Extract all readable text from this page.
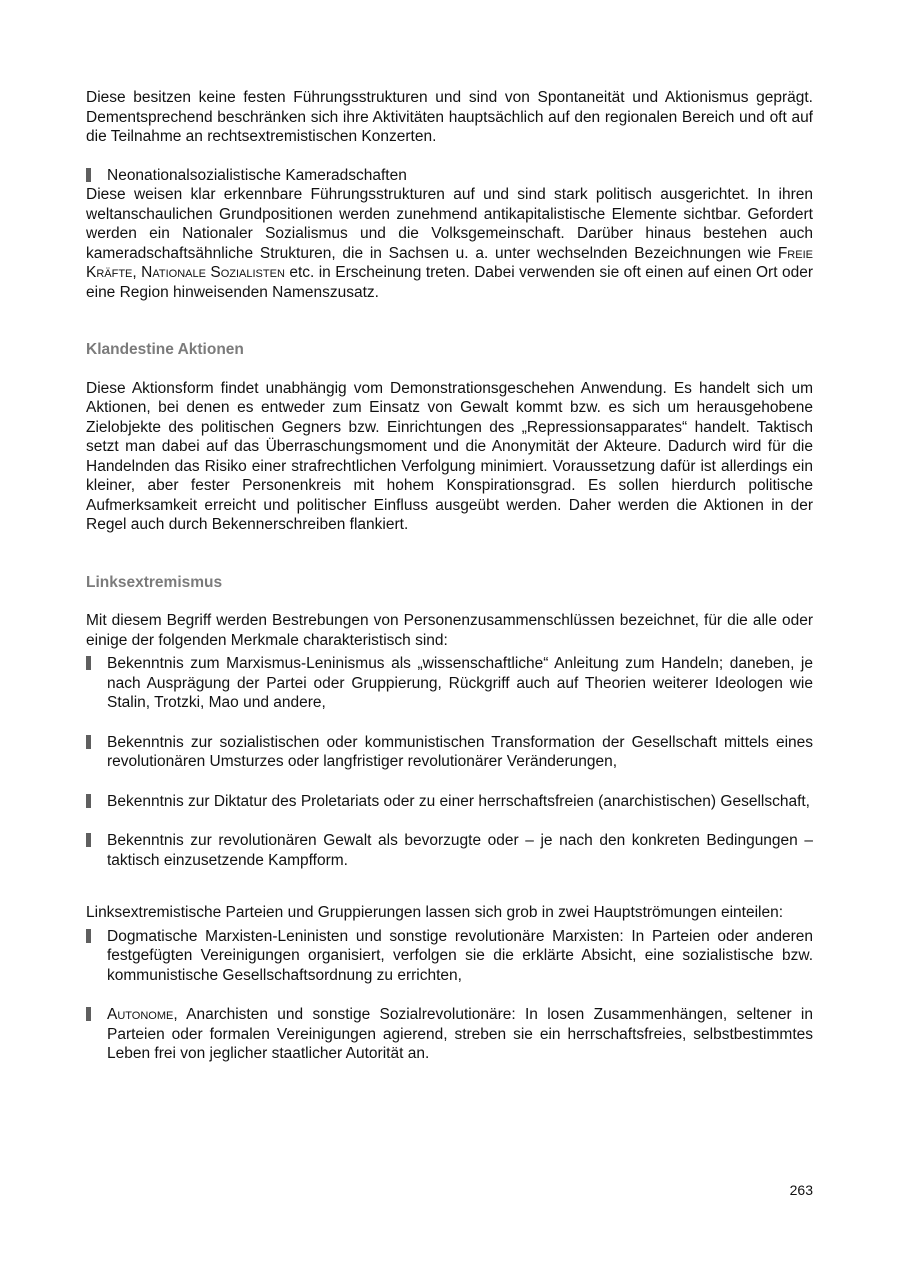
Diese besitzen keine festen Führungsstrukturen und sind von Spontaneität und Aktionismus geprägt. Dementsprechend beschränken sich ihre Aktivitäten hauptsächlich auf den regionalen Bereich und oft auf die Teilnahme an rechtsextremistischen Konzerten.

Neonationalsozialistische Kameradschaften

Diese weisen klar erkennbare Führungsstrukturen auf und sind stark politisch ausgerichtet. In ihren weltanschaulichen Grundpositionen werden zunehmend antikapitalistische Elemente sichtbar. Gefordert werden ein Nationaler Sozialismus und die Volksgemeinschaft. Darüber hinaus bestehen auch kameradschaftsähnliche Strukturen, die in Sachsen u. a. unter wechselnden Bezeichnungen wie Freie Kräfte, Nationale Sozialisten etc. in Erscheinung treten. Dabei verwenden sie oft einen auf einen Ort oder eine Region hinweisenden Namenszusatz.

Klandestine Aktionen

Diese Aktionsform findet unabhängig vom Demonstrationsgeschehen Anwendung. Es handelt sich um Aktionen, bei denen es entweder zum Einsatz von Gewalt kommt bzw. es sich um herausgehobene Zielobjekte des politischen Gegners bzw. Einrichtungen des „Repressionsapparates“ handelt. Taktisch setzt man dabei auf das Überraschungsmoment und die Anonymität der Akteure. Dadurch wird für die Handelnden das Risiko einer strafrechtlichen Verfolgung minimiert. Voraussetzung dafür ist allerdings ein kleiner, aber fester Personenkreis mit hohem Konspirationsgrad. Es sollen hierdurch politische Aufmerksamkeit erreicht und politischer Einfluss ausgeübt werden. Daher werden die Aktionen in der Regel auch durch Bekennerschreiben flankiert.

Linksextremismus

Mit diesem Begriff werden Bestrebungen von Personenzusammenschlüssen bezeichnet, für die alle oder einige der folgenden Merkmale charakteristisch sind:

Bekenntnis zum Marxismus-Leninismus als „wissenschaftliche“ Anleitung zum Handeln; daneben, je nach Ausprägung der Partei oder Gruppierung, Rückgriff auch auf Theorien weiterer Ideologen wie Stalin, Trotzki, Mao und andere,
Bekenntnis zur sozialistischen oder kommunistischen Transformation der Gesellschaft mittels eines revolutionären Umsturzes oder langfristiger revolutionärer Veränderungen,
Bekenntnis zur Diktatur des Proletariats oder zu einer herrschaftsfreien (anarchistischen) Gesellschaft,
Bekenntnis zur revolutionären Gewalt als bevorzugte oder – je nach den konkreten Bedingungen – taktisch einzusetzende Kampfform.

Linksextremistische Parteien und Gruppierungen lassen sich grob in zwei Hauptströmungen einteilen:

Dogmatische Marxisten-Leninisten und sonstige revolutionäre Marxisten: In Parteien oder anderen festgefügten Vereinigungen organisiert, verfolgen sie die erklärte Absicht, eine sozialistische bzw. kommunistische Gesellschaftsordnung zu errichten,
Autonome, Anarchisten und sonstige Sozialrevolutionäre: In losen Zusammenhängen, seltener in Parteien oder formalen Vereinigungen agierend, streben sie ein herrschaftsfreies, selbstbestimmtes Leben frei von jeglicher staatlicher Autorität an.
263
